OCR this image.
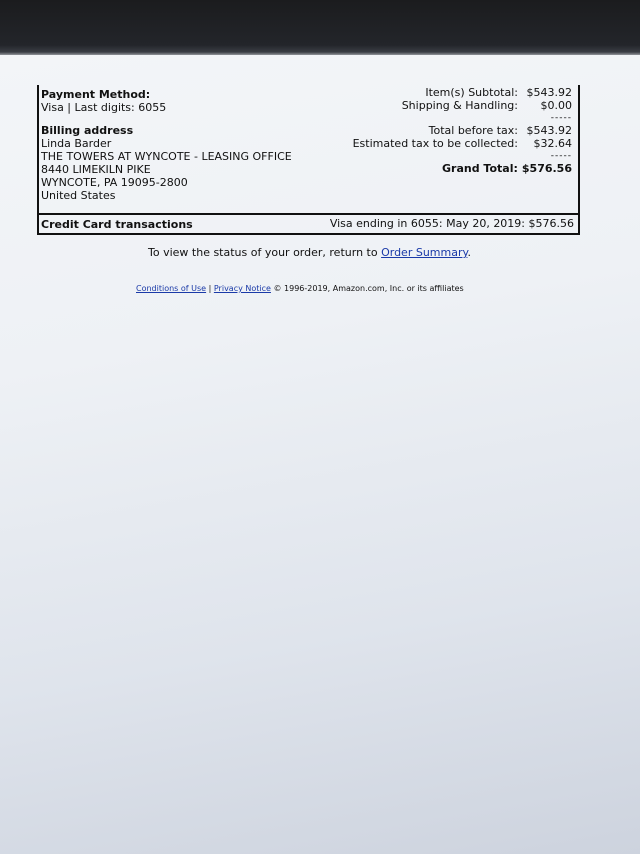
Payment Method:
Visa | Last digits: 6055
Billing address
Linda Barder
THE TOWERS AT WYNCOTE - LEASING OFFICE
8440 LIMEKILN PIKE
WYNCOTE, PA 19095-2800
United States
Item(s) Subtotal: $543.92
Shipping & Handling:	$0.00
-----
Total before tax: $543.92
Estimated tax to be collected:	$32.64
-----
Grand Total: $576.56
Credit Card transactions	Visa ending in 6055: May 20, 2019: $576.56
To view the status of your order, return to Order Summary.
Conditions of Use | Privacy Notice © 1996-2019, Amazon.com, Inc. or its affiliates
